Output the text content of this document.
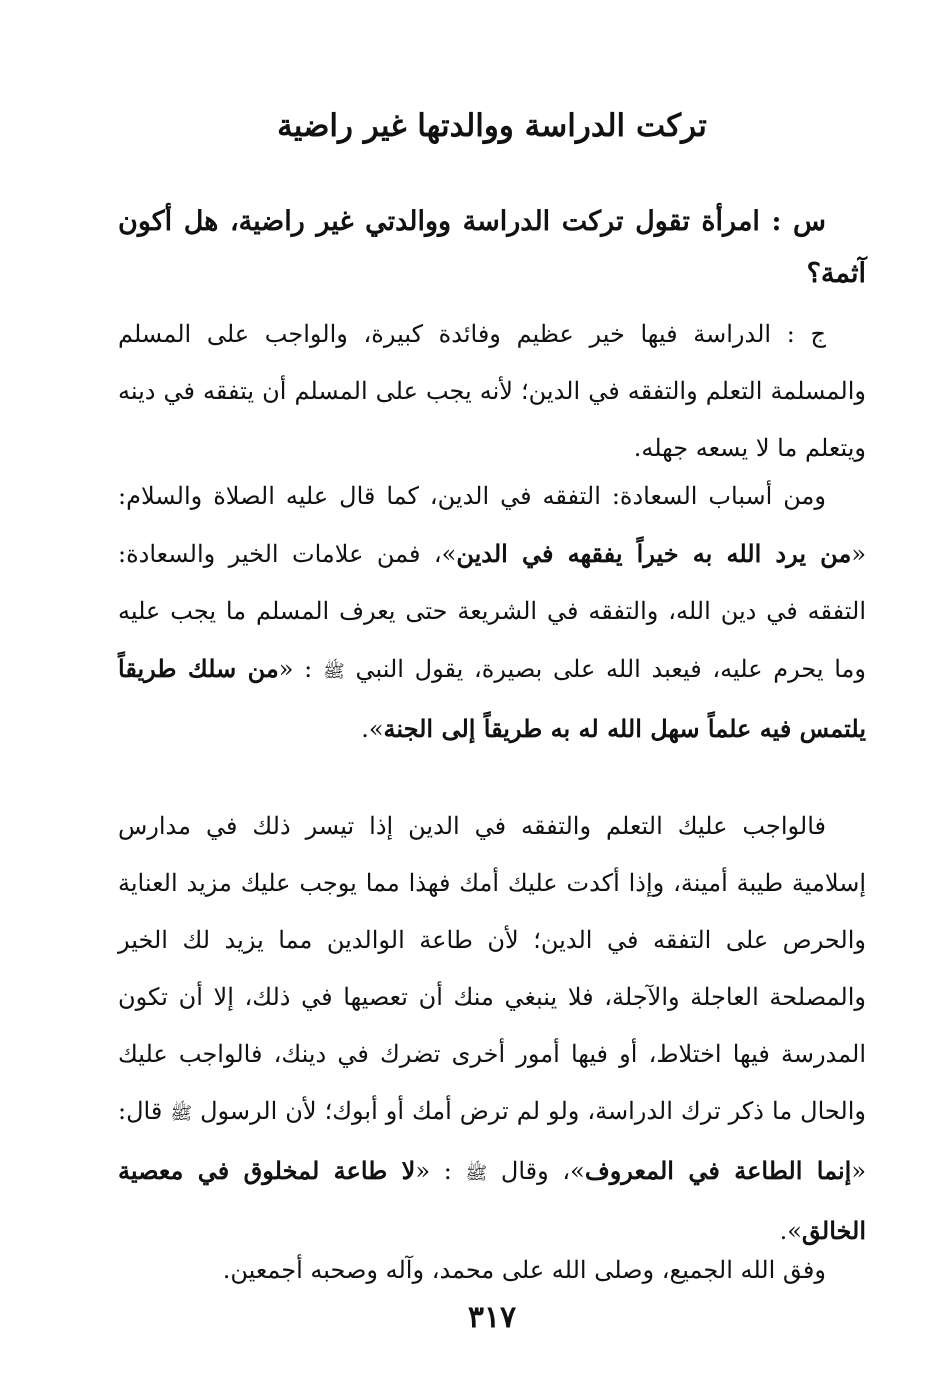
تركت الدراسة ووالدتها غير راضية

س : امرأة تقول تركت الدراسة ووالدتي غير راضية، هل أكون آثمة؟

ج : الدراسة فيها خير عظيم وفائدة كبيرة، والواجب على المسلم والمسلمة التعلم والتفقه في الدين؛ لأنه يجب على المسلم أن يتفقه في دينه ويتعلم ما لا يسعه جهله.

ومن أسباب السعادة: التفقه في الدين، كما قال عليه الصلاة والسلام: «من يرد الله به خيراً يفقهه في الدين»، فمن علامات الخير والسعادة: التفقه في دين الله، والتفقه في الشريعة حتى يعرف المسلم ما يجب عليه وما يحرم عليه، فيعبد الله على بصيرة، يقول النبي ﷺ : «من سلك طريقاً يلتمس فيه علماً سهل الله له به طريقاً إلى الجنة».

فالواجب عليك التعلم والتفقه في الدين إذا تيسر ذلك في مدارس إسلامية طيبة أمينة، وإذا أكدت عليك أمك فهذا مما يوجب عليك مزيد العناية والحرص على التفقه في الدين؛ لأن طاعة الوالدين مما يزيد لك الخير والمصلحة العاجلة والآجلة، فلا ينبغي منك أن تعصيها في ذلك، إلا أن تكون المدرسة فيها اختلاط، أو فيها أمور أخرى تضرك في دينك، فالواجب عليك والحال ما ذكر ترك الدراسة، ولو لم ترض أمك أو أبوك؛ لأن الرسول ﷺ قال: «إنما الطاعة في المعروف»، وقال ﷺ : «لا طاعة لمخلوق في معصية الخالق».

وفق الله الجميع، وصلى الله على محمد، وآله وصحبه أجمعين.

٣١٧
